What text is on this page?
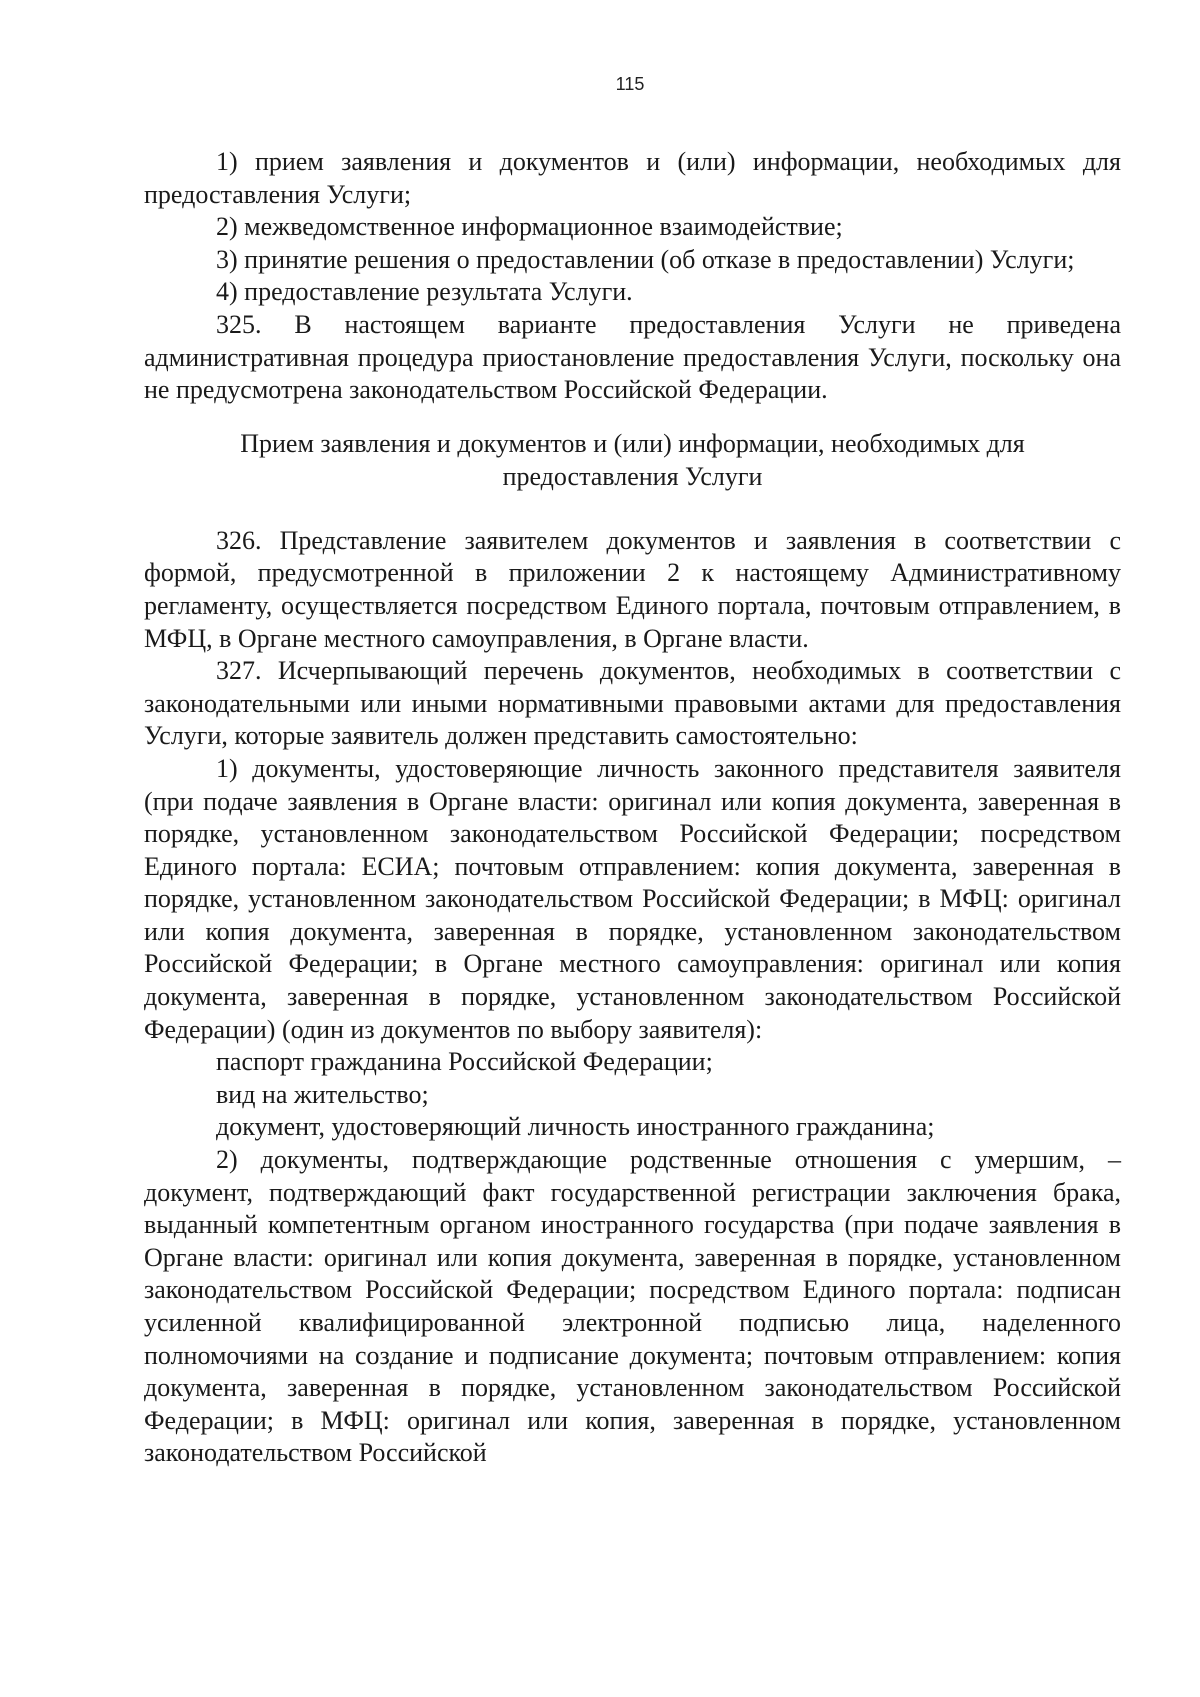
115

1) прием заявления и документов и (или) информации, необходимых для предоставления Услуги;

2) межведомственное информационное взаимодействие;

3) принятие решения о предоставлении (об отказе в предоставлении) Услуги;

4) предоставление результата Услуги.

325. В настоящем варианте предоставления Услуги не приведена административная процедура приостановление предоставления Услуги, поскольку она не предусмотрена законодательством Российской Федерации.

Прием заявления и документов и (или) информации, необходимых для

предоставления Услуги

326. Представление заявителем документов и заявления в соответствии с формой, предусмотренной в приложении 2 к настоящему Административному регламенту, осуществляется посредством Единого портала, почтовым отправлением, в МФЦ, в Органе местного самоуправления, в Органе власти.

327. Исчерпывающий перечень документов, необходимых в соответствии с законодательными или иными нормативными правовыми актами для предоставления Услуги, которые заявитель должен представить самостоятельно:

1) документы, удостоверяющие личность законного представителя заявителя (при подаче заявления в Органе власти: оригинал или копия документа, заверенная в порядке, установленном законодательством Российской Федерации; посредством Единого портала: ЕСИА; почтовым отправлением: копия документа, заверенная в порядке, установленном законодательством Российской Федерации; в МФЦ: оригинал или копия документа, заверенная в порядке, установленном законодательством Российской Федерации; в Органе местного самоуправления: оригинал или копия документа, заверенная в порядке, установленном законодательством Российской Федерации) (один из документов по выбору заявителя):

паспорт гражданина Российской Федерации;

вид на жительство;

документ, удостоверяющий личность иностранного гражданина;

2) документы, подтверждающие родственные отношения с умершим, – документ, подтверждающий факт государственной регистрации заключения брака, выданный компетентным органом иностранного государства (при подаче заявления в Органе власти: оригинал или копия документа, заверенная в порядке, установленном законодательством Российской Федерации; посредством Единого портала: подписан усиленной квалифицированной электронной подписью лица, наделенного полномочиями на создание и подписание документа; почтовым отправлением: копия документа, заверенная в порядке, установленном законодательством Российской Федерации; в МФЦ: оригинал или копия, заверенная в порядке, установленном законодательством Российской
